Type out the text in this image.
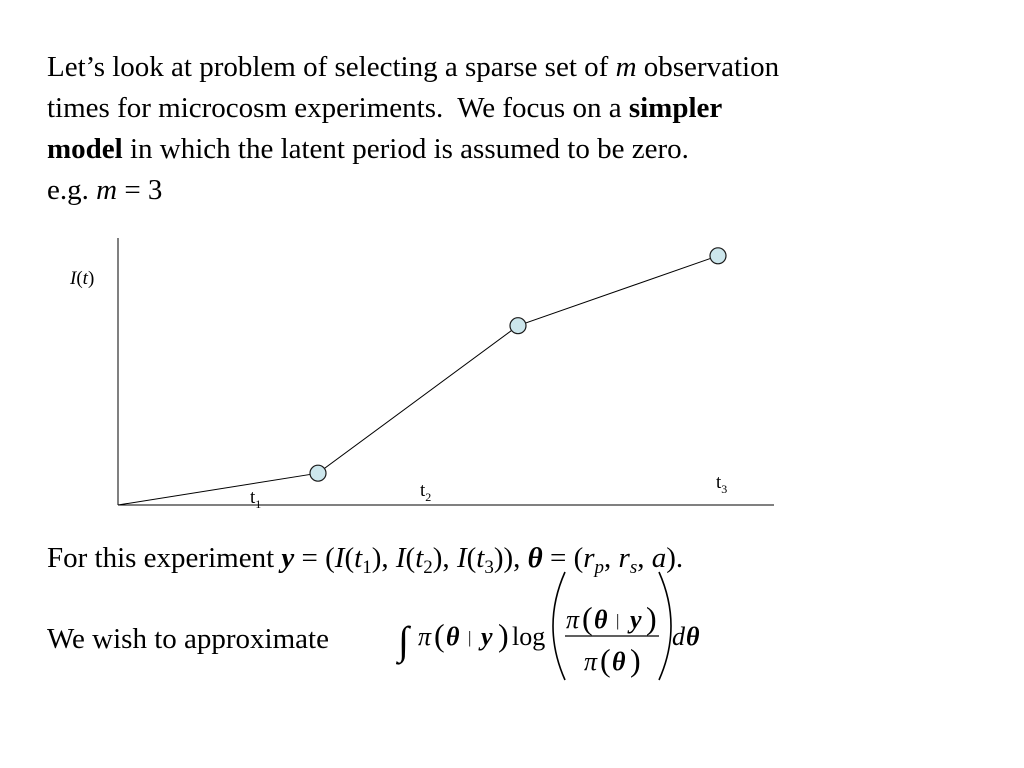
Let’s look at problem of selecting a sparse set of m observation
times for microcosm experiments.  We focus on a simpler
model in which the latent period is assumed to be zero.
e.g. m = 3
I(t)
$t_1$
$t_2$
$t_3$
For this experiment $y = (I(t_1)$, $I(t_2)$, $I(t_3)$), $\theta = (r_p$, $r_s$, a).
We wish to approximate ∫ π ( θ | y ) log
π ( θ | y )
π ( θ )
d θ
